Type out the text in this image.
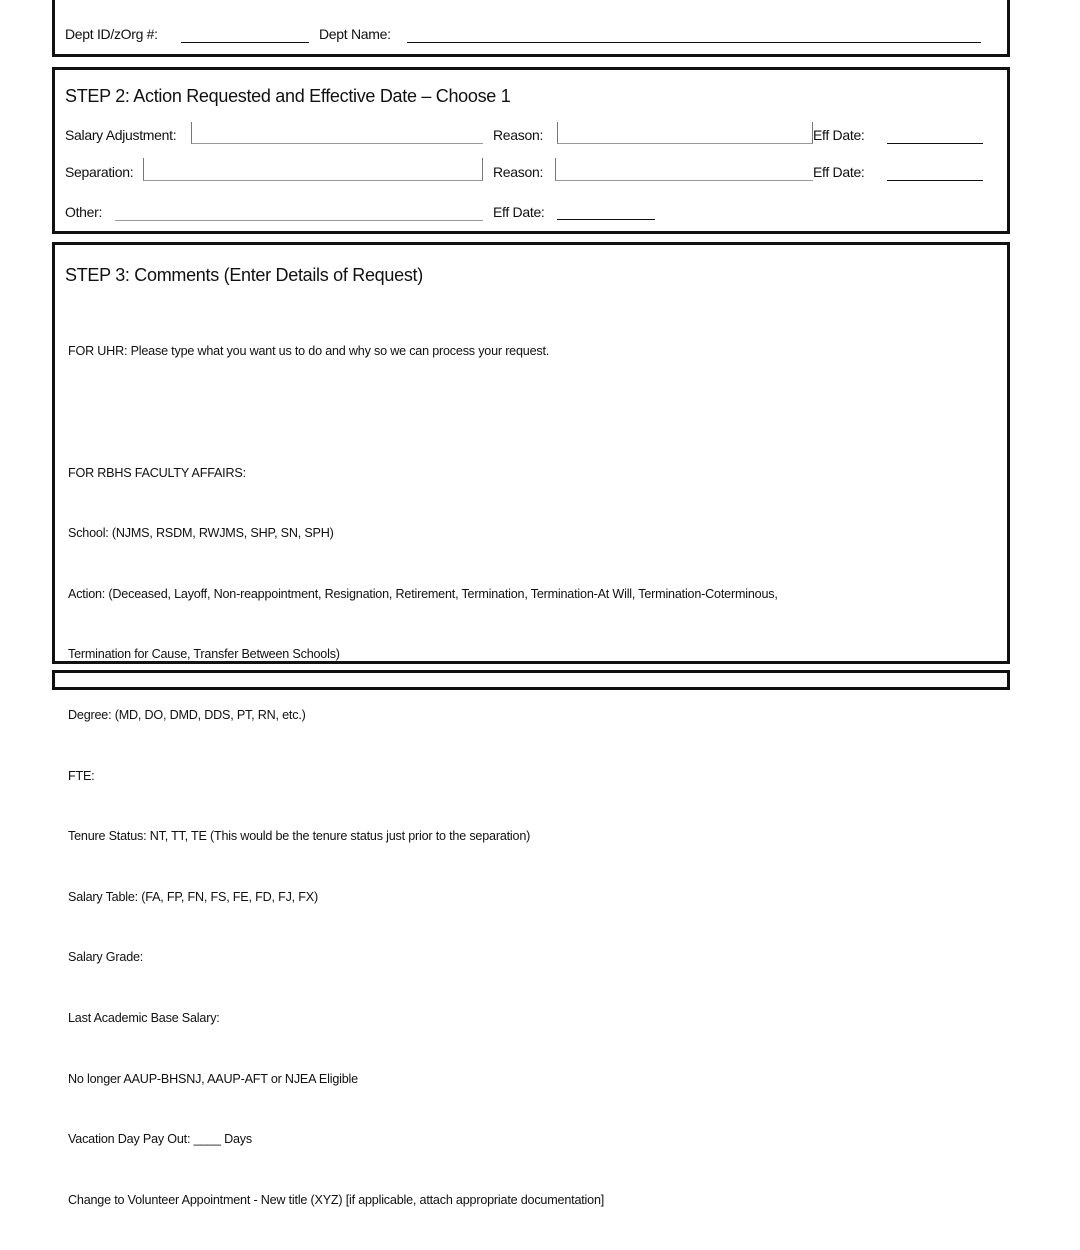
Dept ID/zOrg #:	Dept Name:
STEP 2: Action Requested and Effective Date – Choose 1
Salary Adjustment:	Reason:	Eff Date:
Separation:	Reason:	Eff Date:
Other:	Eff Date:
STEP 3: Comments (Enter Details of Request)

FOR UHR: Please type what you want us to do and why so we can process your request.

FOR RBHS FACULTY AFFAIRS:

School: (NJMS, RSDM, RWJMS, SHP, SN, SPH)

Action: (Deceased, Layoff, Non-reappointment, Resignation, Retirement, Termination, Termination-At Will, Termination-Coterminous,

Termination for Cause, Transfer Between Schools)

Degree: (MD, DO, DMD, DDS, PT, RN, etc.)

FTE:

Tenure Status: NT, TT, TE (This would be the tenure status just prior to the separation)

Salary Table: (FA, FP, FN, FS, FE, FD, FJ, FX)

Salary Grade:

Last Academic Base Salary:

No longer AAUP-BHSNJ, AAUP-AFT or NJEA Eligible

Vacation Day Pay Out: ____ Days

Change to Volunteer Appointment - New title (XYZ) [if applicable, attach appropriate documentation]
